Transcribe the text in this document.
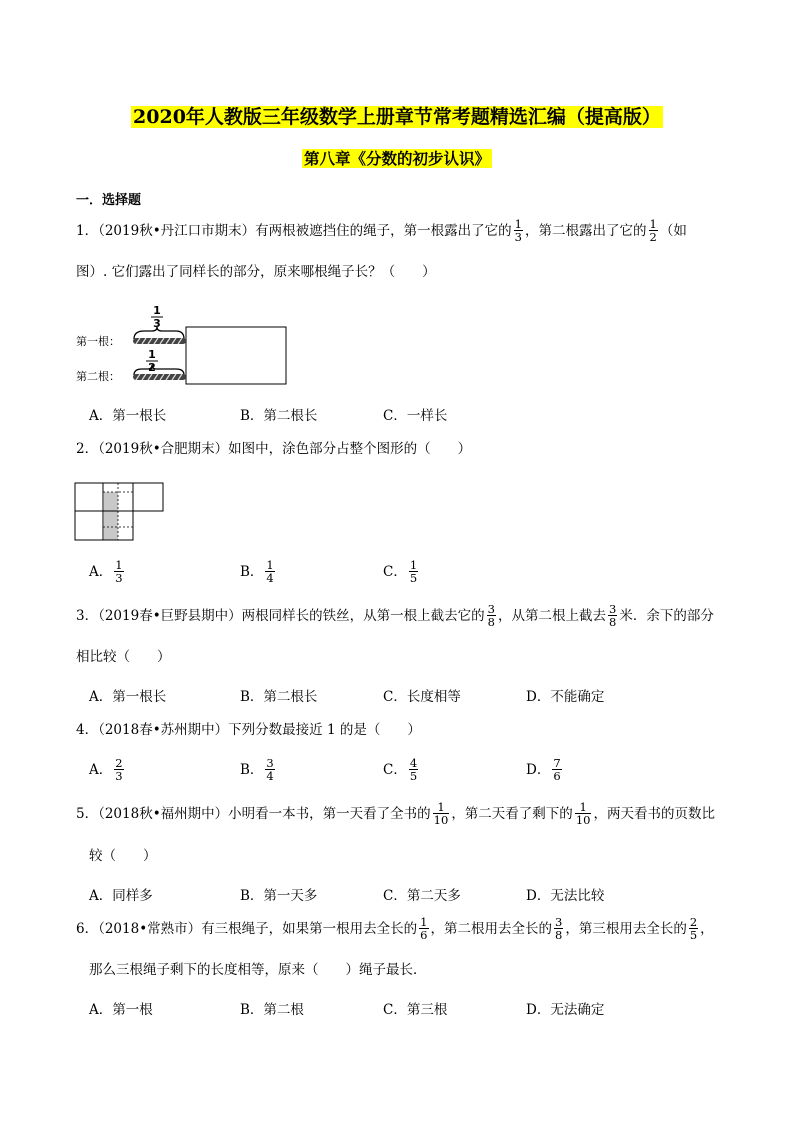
2020年人教版三年级数学上册章节常考题精选汇编（提高版）
第八章《分数的初步认识》
一．选择题
1．（2019秋•丹江口市期末）有两根被遮挡住的绳子，第一根露出了它的 $\frac{1}{3}$ ，第二根露出了它的 $\frac{1}{2}$ （如
图）. 它们露出了同样长的部分，原来哪根绳子长？（　　）
1
3
第一根：
1
2
第二根：
A．第一根长	B．第二根长	C．一样长
2．（2019秋•合肥期末）如图中，涂色部分占整个图形的（　　）
A． $\frac{1}{3}$	B． $\frac{1}{4}$	C． $\frac{1}{5}$
3．（2019春•巨野县期中）两根同样长的铁丝，从第一根上截去它的 $\frac{3}{8}$ ，从第二根上截去 $\frac{3}{8}$ 米．余下的部分
相比较（　　）
A．第一根长	B．第二根长	C．长度相等	D．不能确定
4．（2018春•苏州期中）下列分数最接近 1 的是（　　）
A． $\frac{2}{3}$	B． $\frac{3}{4}$	C． $\frac{4}{5}$	D． $\frac{7}{6}$
5．（2018秋•福州期中）小明看一本书，第一天看了全书的 $\frac{1}{10}$ ，第二天看了剩下的 $\frac{1}{10}$ ，两天看书的页数比
较（　　）
A．同样多	B．第一天多	C．第二天多	D．无法比较
6．（2018•常熟市）有三根绳子，如果第一根用去全长的 $\frac{1}{6}$ ，第二根用去全长的 $\frac{3}{8}$ ，第三根用去全长的 $\frac{2}{5}$ ，
那么三根绳子剩下的长度相等，原来（　　）绳子最长．
A．第一根	B．第二根	C．第三根	D．无法确定
